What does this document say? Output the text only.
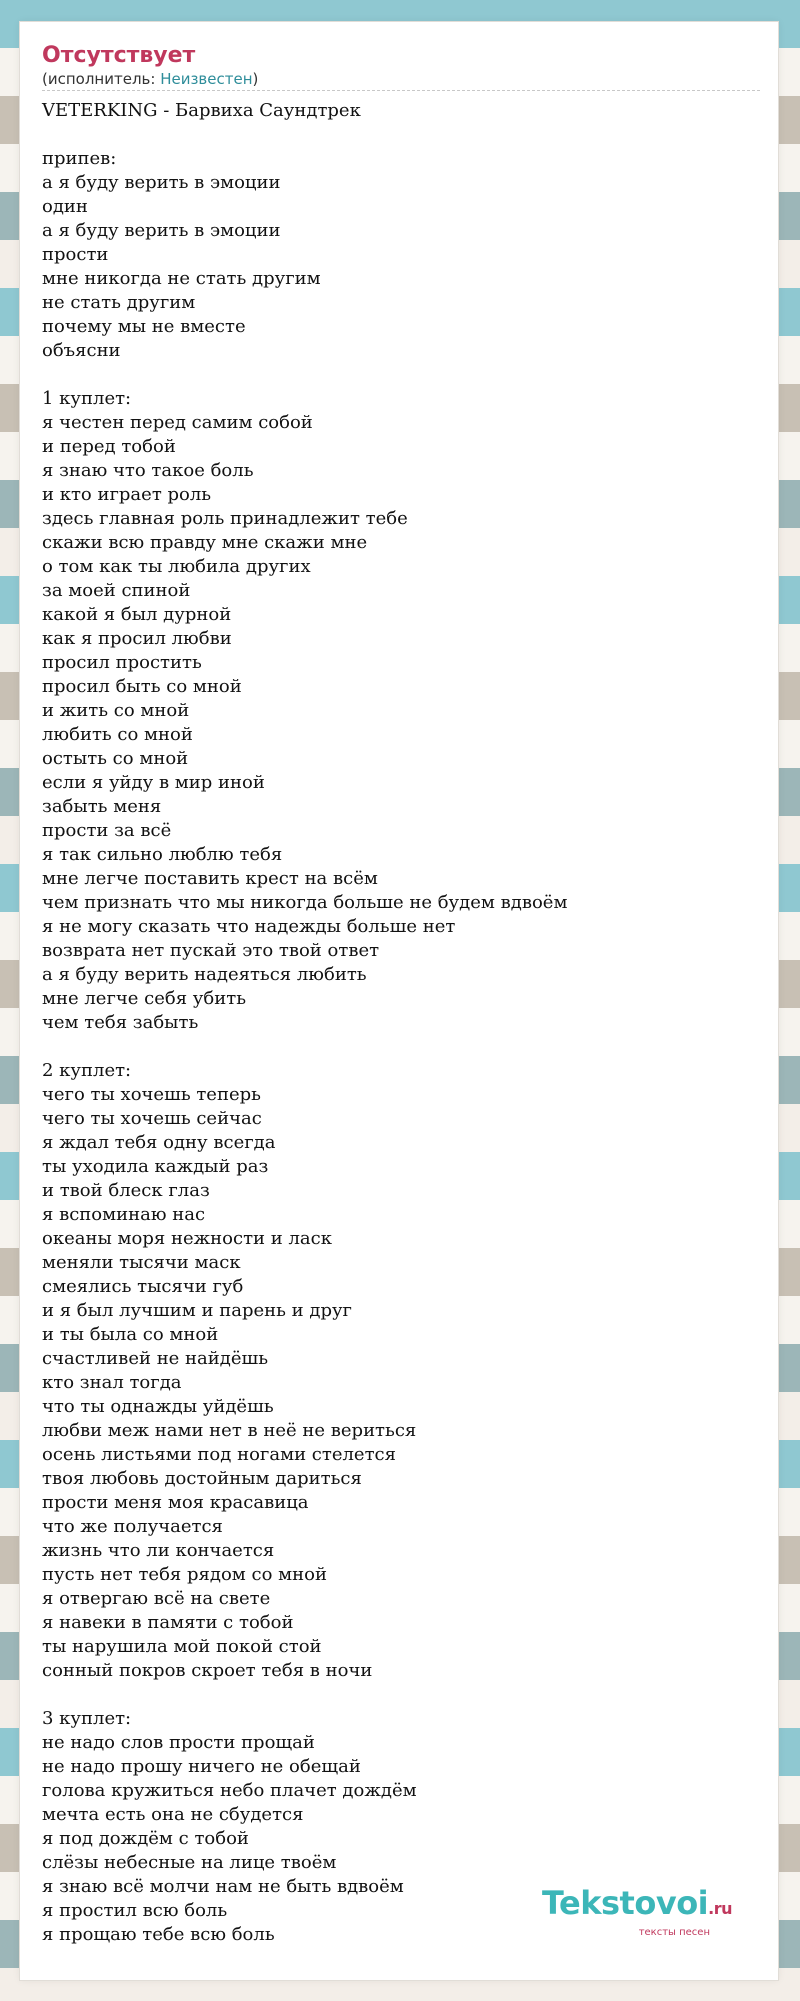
Отсутствует
(исполнитель: Неизвестен)
VETERKING - Барвиха Саундтрек
припев:
а я буду верить в эмоции
один
а я буду верить в эмоции
прости
мне никогда не стать другим
не стать другим
почему мы не вместе
объясни
1 куплет:
я честен перед самим собой
и перед тобой
я знаю что такое боль
и кто играет роль
здесь главная роль принадлежит тебе
скажи всю правду мне скажи мне
о том как ты любила других
за моей спиной
какой я был дурной
как я просил любви
просил простить
просил быть со мной
и жить со мной
любить со мной
остыть со мной
если я уйду в мир иной
забыть меня
прости за всё
я так сильно люблю тебя
мне легче поставить крест на всём
чем признать что мы никогда больше не будем вдвоём
я не могу сказать что надежды больше нет
возврата нет пускай это твой ответ
а я буду верить надеяться любить
мне легче себя убить
чем тебя забыть
2 куплет:
чего ты хочешь теперь
чего ты хочешь сейчас
я ждал тебя одну всегда
ты уходила каждый раз
и твой блеск глаз
я вспоминаю нас
океаны моря нежности и ласк
меняли тысячи маск
смеялись тысячи губ
и я был лучшим и парень и друг
и ты была со мной
счастливей не найдёшь
кто знал тогда
что ты однажды уйдёшь
любви меж нами нет в неё не вериться
осень листьями под ногами стелется
твоя любовь достойным дариться
прости меня моя красавица
что же получается
жизнь что ли кончается
пусть нет тебя рядом со мной
я отвергаю всё на свете
я навеки в памяти с тобой
ты нарушила мой покой стой
сонный покров скроет тебя в ночи
3 куплет:
не надо слов прости прощай
не надо прошу ничего не обещай
голова кружиться небо плачет дождём
мечта есть она не сбудется
я под дождём с тобой
слёзы небесные на лице твоём
я знаю всё молчи нам не быть вдвоём
я простил всю боль
я прощаю тебе всю боль
Tekstovoi.ru
тексты песен
